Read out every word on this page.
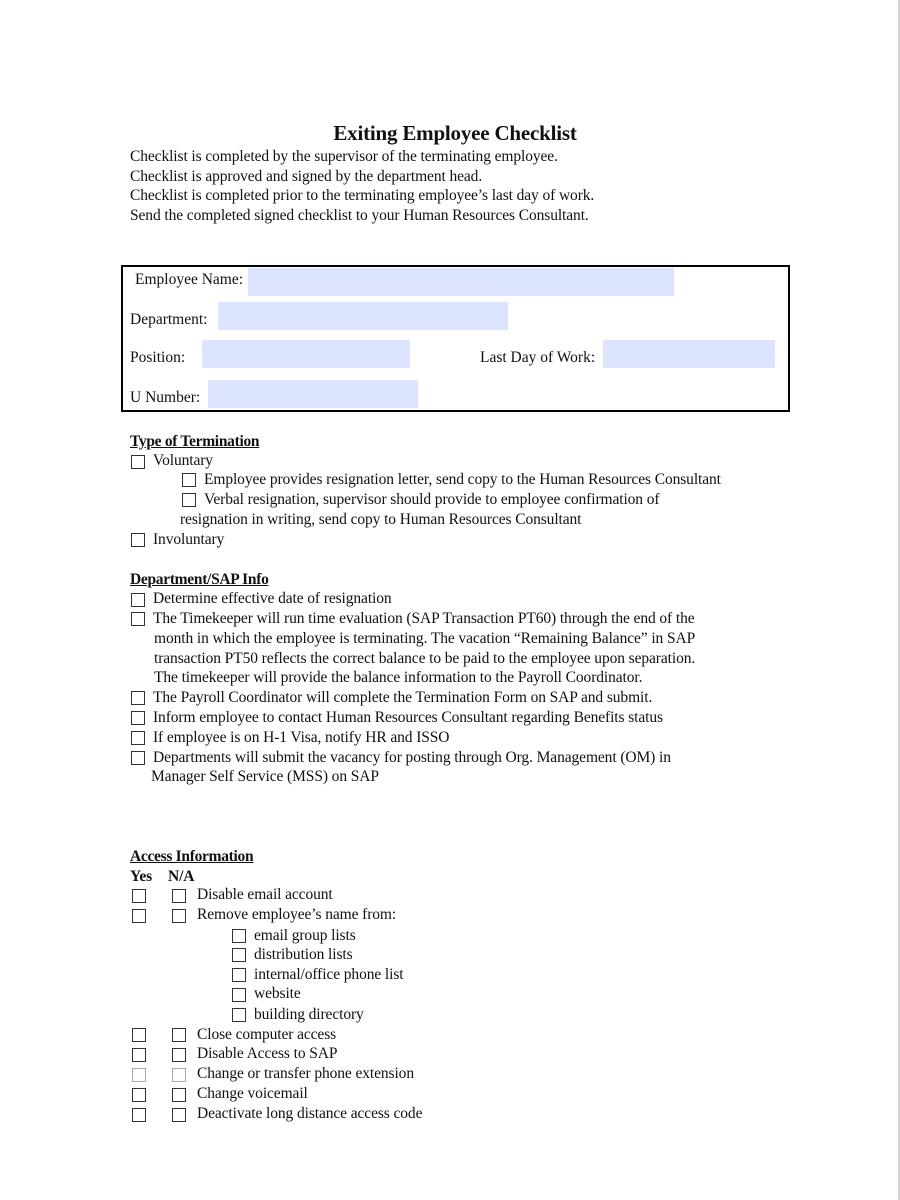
Exiting Employee Checklist
Checklist is completed by the supervisor of the terminating employee.
Checklist is approved and signed by the department head.
Checklist is completed prior to the terminating employee’s last day of work.
Send the completed signed checklist to your Human Resources Consultant.
Employee Name:
Department:
Position:	Last Day of Work:
U Number:
Type of Termination
Voluntary
Employee provides resignation letter, send copy to the Human Resources Consultant
Verbal resignation, supervisor should provide to employee confirmation of
resignation in writing, send copy to Human Resources Consultant
Involuntary
Department/SAP Info
Determine effective date of resignation
The Timekeeper will run time evaluation (SAP Transaction PT60) through the end of the
month in which the employee is terminating. The vacation “Remaining Balance” in SAP
transaction PT50 reflects the correct balance to be paid to the employee upon separation.
The timekeeper will provide the balance information to the Payroll Coordinator.
The Payroll Coordinator will complete the Termination Form on SAP and submit.
Inform employee to contact Human Resources Consultant regarding Benefits status
If employee is on H-1 Visa, notify HR and ISSO
Departments will submit the vacancy for posting through Org. Management (OM) in
Manager Self Service (MSS) on SAP
Access Information
Yes N/A
Disable email account
Remove employee’s name from:
email group lists
distribution lists
internal/office phone list
website
building directory
Close computer access
Disable Access to SAP
Change or transfer phone extension
Change voicemail
Deactivate long distance access code
